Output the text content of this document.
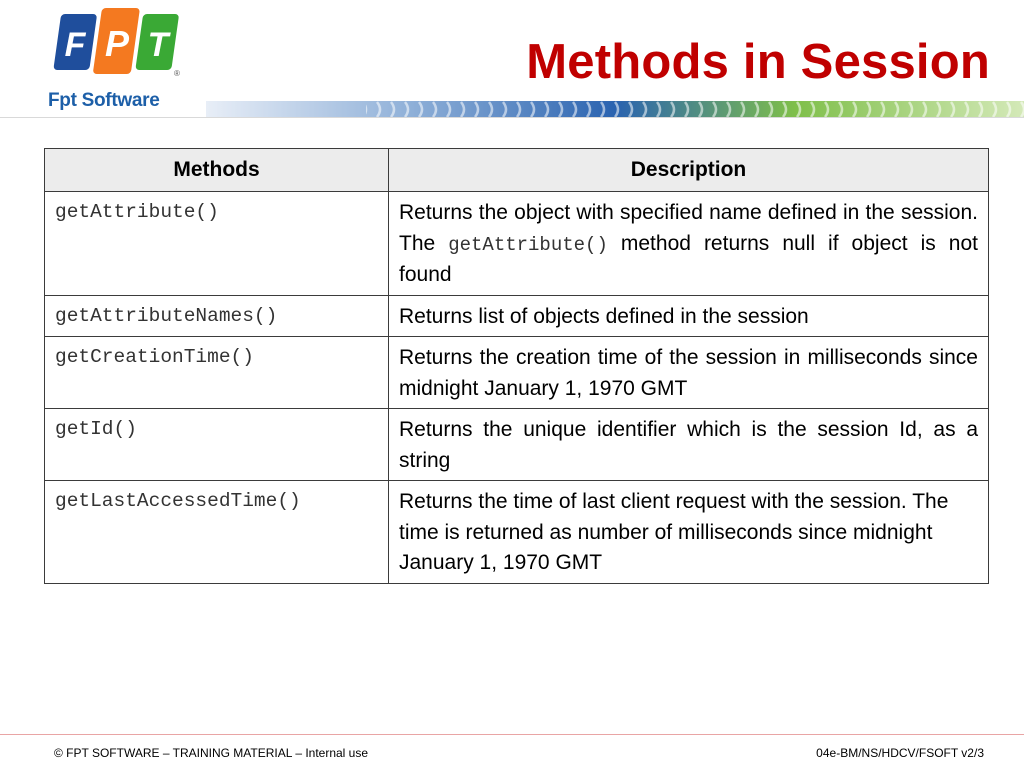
F P T
®
Fpt Software
Methods in Session
Methods	Description
getAttribute()	Returns the object with specified name defined in the session. The getAttribute() method returns null if object is not found
getAttributeNames()	Returns list of objects defined in the session
getCreationTime()	Returns the creation time of the session in milliseconds since midnight January 1, 1970 GMT
getId()	Returns the unique identifier which is the session Id, as a string
getLastAccessedTime()	Returns the time of last client request with the session. The time is returned as number of milliseconds since midnight January 1, 1970 GMT
© FPT SOFTWARE – TRAINING MATERIAL – Internal use	04e-BM/NS/HDCV/FSOFT v2/3
